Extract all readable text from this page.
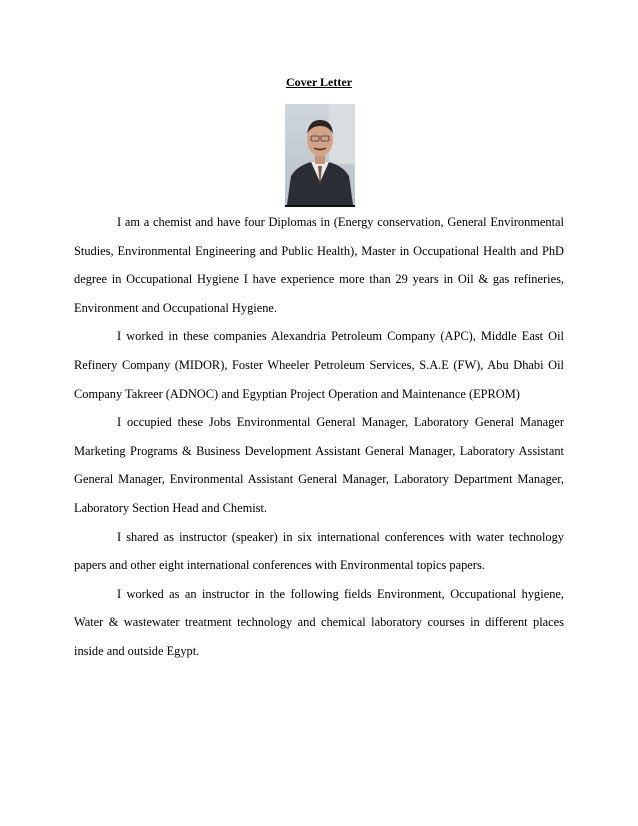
Cover Letter

I am a chemist and have four Diplomas in (Energy conservation, General Environmental Studies, Environmental Engineering and Public Health), Master in Occupational Health and PhD degree in Occupational Hygiene I have experience more than 29 years in Oil & gas refineries, Environment and Occupational Hygiene.

I worked in these companies Alexandria Petroleum Company (APC), Middle East Oil Refinery Company (MIDOR), Foster Wheeler Petroleum Services, S.A.E (FW), Abu Dhabi Oil Company Takreer (ADNOC) and Egyptian Project Operation and Maintenance (EPROM)

I occupied these Jobs Environmental General Manager, Laboratory General Manager Marketing Programs & Business Development Assistant General Manager, Laboratory Assistant General Manager, Environmental Assistant General Manager, Laboratory Department Manager, Laboratory Section Head and Chemist.

I shared as instructor (speaker) in six international conferences with water technology papers and other eight international conferences with Environmental topics papers.

I worked as an instructor in the following fields Environment, Occupational hygiene, Water & wastewater treatment technology and chemical laboratory courses in different places inside and outside Egypt.
